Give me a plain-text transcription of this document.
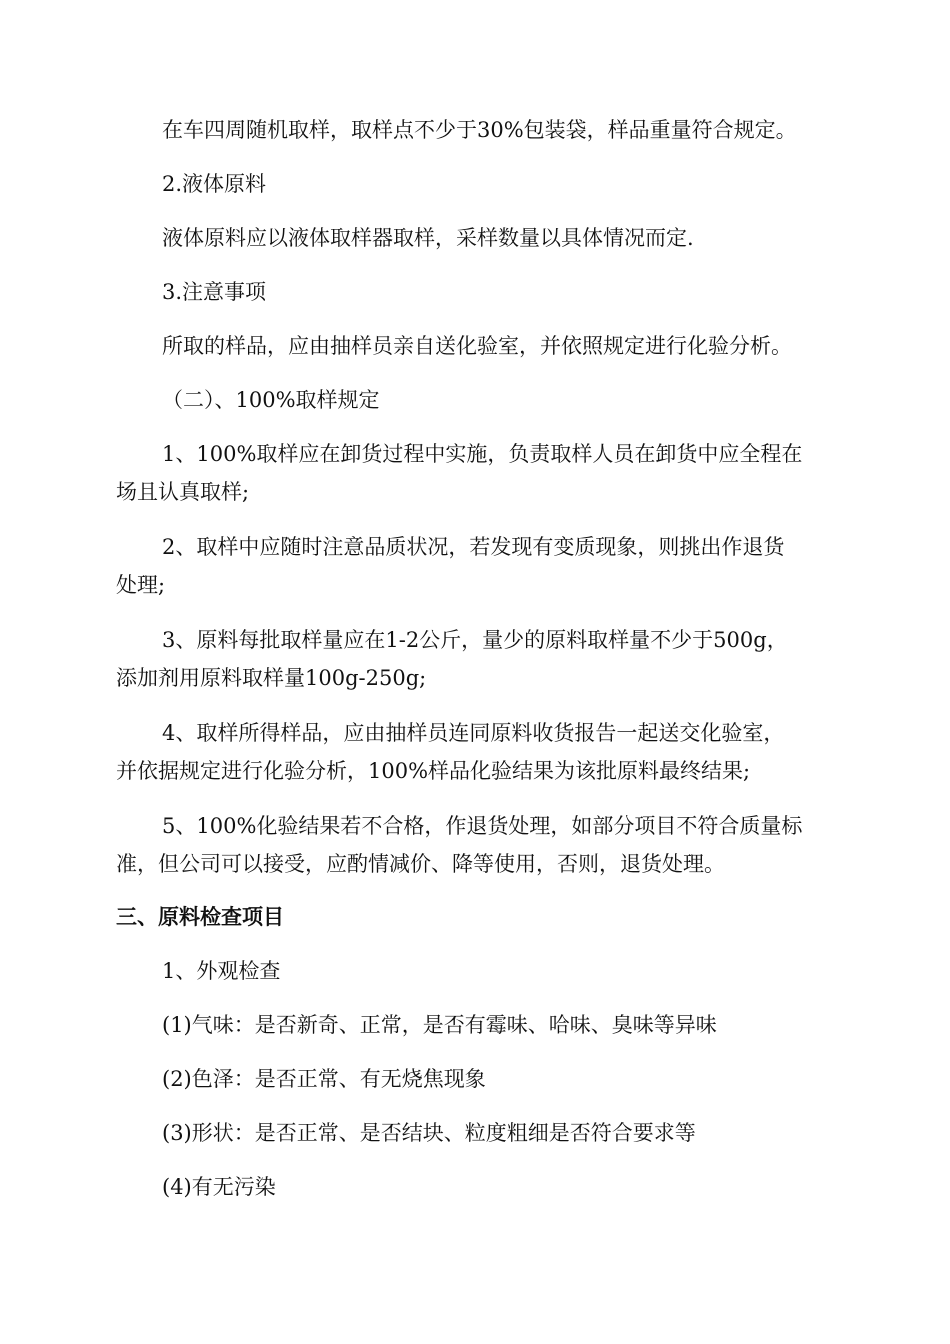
在车四周随机取样，取样点不少于30%包装袋，样品重量符合规定。
2.液体原料
液体原料应以液体取样器取样，采样数量以具体情况而定.
3.注意事项
所取的样品，应由抽样员亲自送化验室，并依照规定进行化验分析。
（二）、100%取样规定
1、100%取样应在卸货过程中实施，负责取样人员在卸货中应全程在
场且认真取样;
2、取样中应随时注意品质状况，若发现有变质现象，则挑出作退货
处理;
3、原料每批取样量应在1-2公斤，量少的原料取样量不少于500g，
添加剂用原料取样量100g-250g;
4、取样所得样品，应由抽样员连同原料收货报告一起送交化验室，
并依据规定进行化验分析，100%样品化验结果为该批原料最终结果;
5、100%化验结果若不合格，作退货处理，如部分项目不符合质量标
准，但公司可以接受，应酌情减价、降等使用，否则，退货处理。
三、原料检查项目
1、外观检查
(1)气味：是否新奇、正常，是否有霉味、哈味、臭味等异味
(2)色泽：是否正常、有无烧焦现象
(3)形状：是否正常、是否结块、粒度粗细是否符合要求等
(4)有无污染
